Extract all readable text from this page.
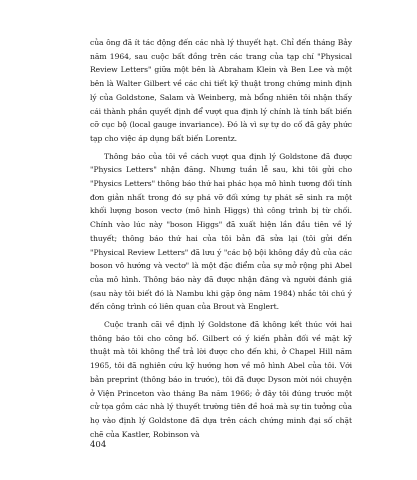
của ông đã ít tác động đến các nhà lý thuyết hạt. Chỉ đến tháng Bảy năm 1964, sau cuộc bất đồng trên các trang của tạp chí "Physical Review Letters" giữa một bên là Abraham Klein và Ben Lee và một bên là Walter Gilbert về các chi tiết kỹ thuật trong chứng minh định lý của Goldstone, Salam và Weinberg, mà bổng nhiên tôi nhận thấy cái thành phần quyết định để vượt qua định lý chính là tính bất biến cỡ cục bộ (local gauge invariance). Đó là vì sự tự do cố đã gây phức tạp cho việc áp dụng bất biến Lorentz.

Thông báo của tôi về cách vượt qua định lý Goldstone đã được "Physics Letters" nhận đăng. Nhưng tuần lễ sau, khi tôi gửi cho "Physics Letters" thông báo thứ hai phác họa mô hình tương đối tính đơn giản nhất trong đó sự phá vỡ đối xứng tự phát sẽ sinh ra một khối lượng boson vectơ (mô hình Higgs) thì công trình bị từ chối. Chính vào lúc này "boson Higgs" đã xuất hiện lần đầu tiên về lý thuyết; thông báo thứ hai của tôi bản đã sửa lại (tôi gửi đến "Physical Review Letters" đã lưu ý "các bộ bội không đầy đủ của các boson vô hướng và vectơ" là một đặc điểm của sự mở rộng phi Abel của mô hình. Thông báo này đã được nhận đăng và người đánh giá (sau này tôi biết đó là Nambu khi gặp ông năm 1984) nhắc tôi chú ý đến công trình có liên quan của Brout và Englert.

Cuộc tranh cãi về định lý Goldstone đã không kết thúc với hai thông báo tôi cho công bố. Gilbert có ý kiến phản đối về mặt kỹ thuật mà tôi không thể trả lời được cho đến khi, ở Chapel Hill năm 1965, tôi đã nghiên cứu kỹ hướng hơn về mô hình Abel của tôi. Với bản preprint (thông báo in trước), tôi đã được Dyson mời nói chuyện ở Viện Princeton vào tháng Ba năm 1966; ở đây tôi đúng trước một cử tọa gồm các nhà lý thuyết trường tiên đề hoá mà sự tin tưởng của họ vào định lý Goldstone đã dựa trên cách chứng minh đại số chặt chẽ của Kastler, Robinson và

404
